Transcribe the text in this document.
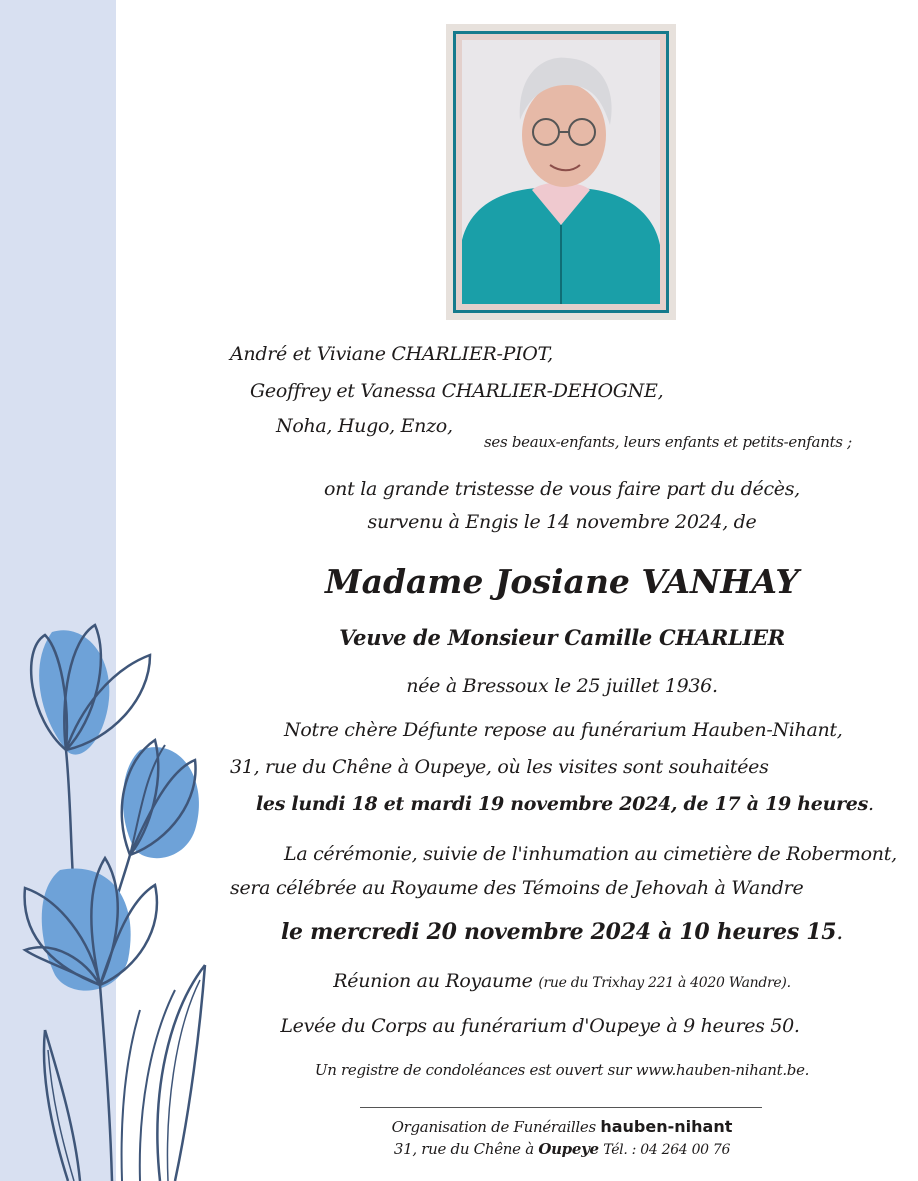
André et Viviane CHARLIER-PIOT,
Geoffrey et Vanessa CHARLIER-DEHOGNE,
Noha, Hugo, Enzo,
ses beaux-enfants, leurs enfants et petits-enfants ;
ont la grande tristesse de vous faire part du décès,
survenu à Engis le 14 novembre 2024, de
Madame Josiane VANHAY
Veuve de Monsieur Camille CHARLIER
née à Bressoux le 25 juillet 1936.
Notre chère Défunte repose au funérarium Hauben-Nihant,
31, rue du Chêne à Oupeye, où les visites sont souhaitées
les lundi 18 et mardi 19 novembre 2024, de 17 à 19 heures.
La cérémonie, suivie de l'inhumation au cimetière de Robermont,
sera célébrée au Royaume des Témoins de Jehovah à Wandre
le mercredi 20 novembre 2024 à 10 heures 15.
Réunion au Royaume (rue du Trixhay 221 à 4020 Wandre).
Levée du Corps au funérarium d'Oupeye à 9 heures 50.
Un registre de condoléances est ouvert sur www.hauben-nihant.be.
Organisation de Funérailles hauben-nihant
31, rue du Chêne à Oupeye Tél. : 04 264 00 76
